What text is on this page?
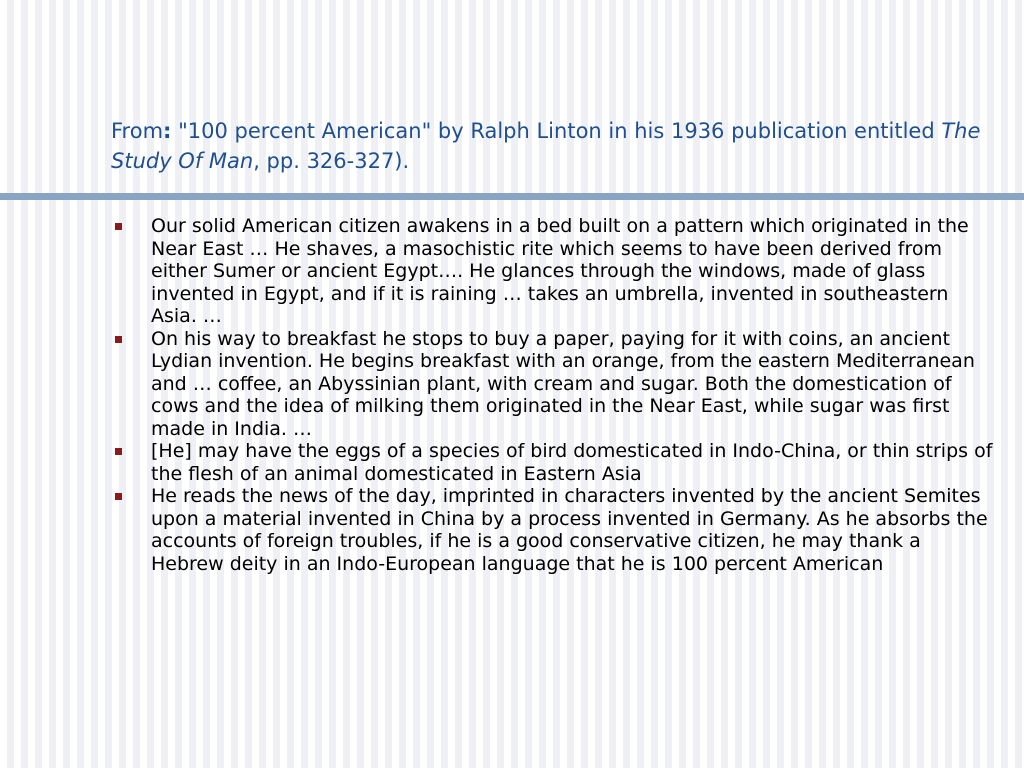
From: "100 percent American" by Ralph Linton in his 1936 publication entitled The Study Of Man, pp. 326-327).
Our solid American citizen awakens in a bed built on a pattern which originated in the Near East … He shaves, a masochistic rite which seems to have been derived from either Sumer or ancient Egypt…. He glances through the windows, made of glass invented in Egypt, and if it is raining … takes an umbrella, invented in southeastern Asia. …
On his way to breakfast he stops to buy a paper, paying for it with coins, an ancient Lydian invention. He begins breakfast with an orange, from the eastern Mediterranean and … coffee, an Abyssinian plant, with cream and sugar. Both the domestication of cows and the idea of milking them originated in the Near East, while sugar was first made in India. …
[He] may have the eggs of a species of bird domesticated in Indo-China, or thin strips of the flesh of an animal domesticated in Eastern Asia
He reads the news of the day, imprinted in characters invented by the ancient Semites upon a material invented in China by a process invented in Germany. As he absorbs the accounts of foreign troubles, if he is a good conservative citizen, he may thank a Hebrew deity in an Indo-European language that he is 100 percent American
